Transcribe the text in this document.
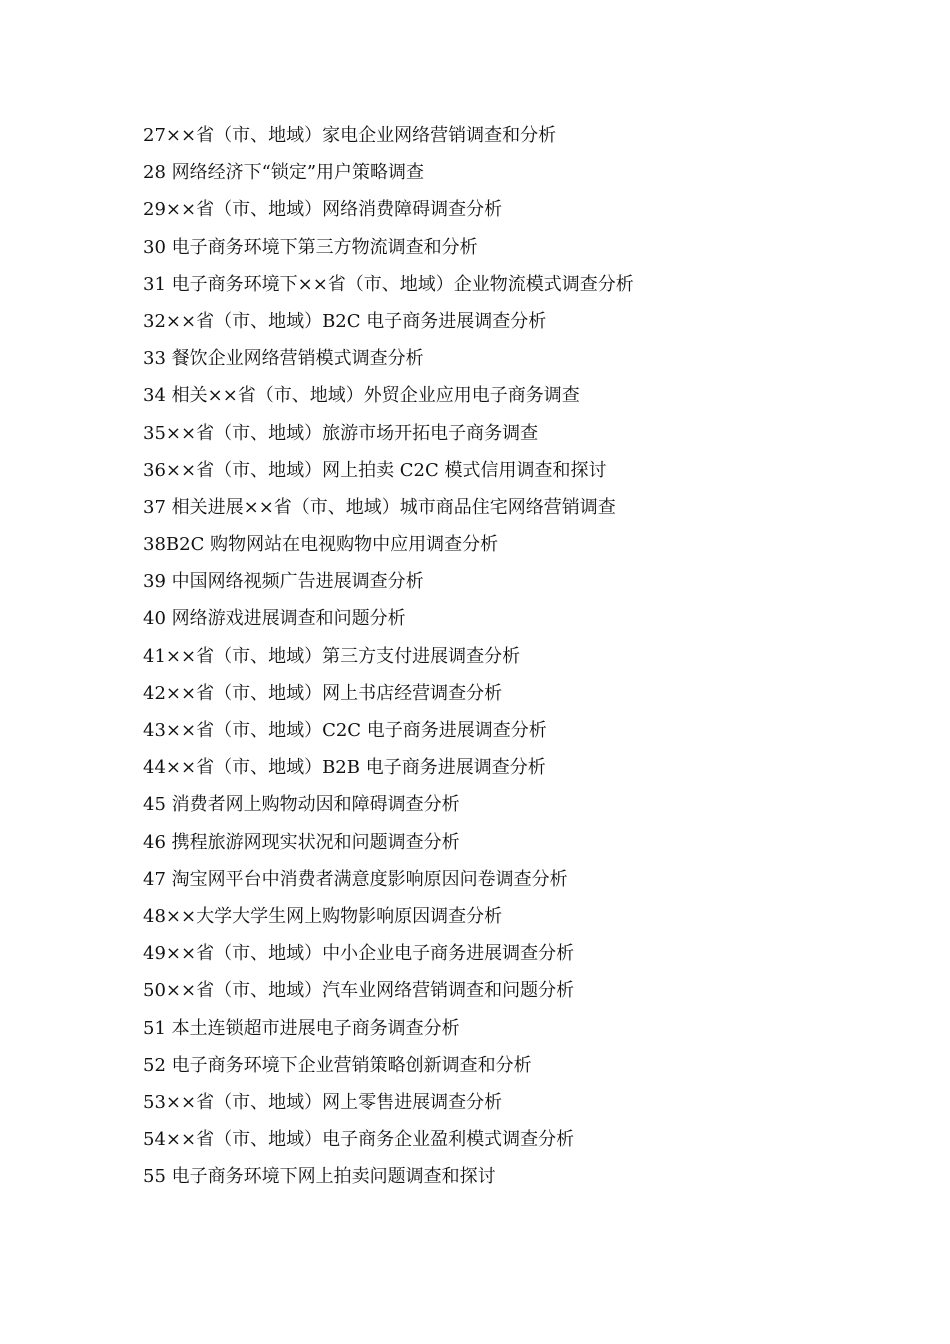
27××省（市、地域）家电企业网络营销调查和分析
28 网络经济下“锁定”用户策略调查
29××省（市、地域）网络消费障碍调查分析
30 电子商务环境下第三方物流调查和分析
31 电子商务环境下××省（市、地域）企业物流模式调查分析
32××省（市、地域）B2C 电子商务进展调查分析
33 餐饮企业网络营销模式调查分析
34 相关××省（市、地域）外贸企业应用电子商务调查
35××省（市、地域）旅游市场开拓电子商务调查
36××省（市、地域）网上拍卖 C2C 模式信用调查和探讨
37 相关进展××省（市、地域）城市商品住宅网络营销调查
38B2C 购物网站在电视购物中应用调查分析
39 中国网络视频广告进展调查分析
40 网络游戏进展调查和问题分析
41××省（市、地域）第三方支付进展调查分析
42××省（市、地域）网上书店经营调查分析
43××省（市、地域）C2C 电子商务进展调查分析
44××省（市、地域）B2B 电子商务进展调查分析
45 消费者网上购物动因和障碍调查分析
46 携程旅游网现实状况和问题调查分析
47 淘宝网平台中消费者满意度影响原因问卷调查分析
48××大学大学生网上购物影响原因调查分析
49××省（市、地域）中小企业电子商务进展调查分析
50××省（市、地域）汽车业网络营销调查和问题分析
51 本土连锁超市进展电子商务调查分析
52 电子商务环境下企业营销策略创新调查和分析
53××省（市、地域）网上零售进展调查分析
54××省（市、地域）电子商务企业盈利模式调查分析
55 电子商务环境下网上拍卖问题调查和探讨
